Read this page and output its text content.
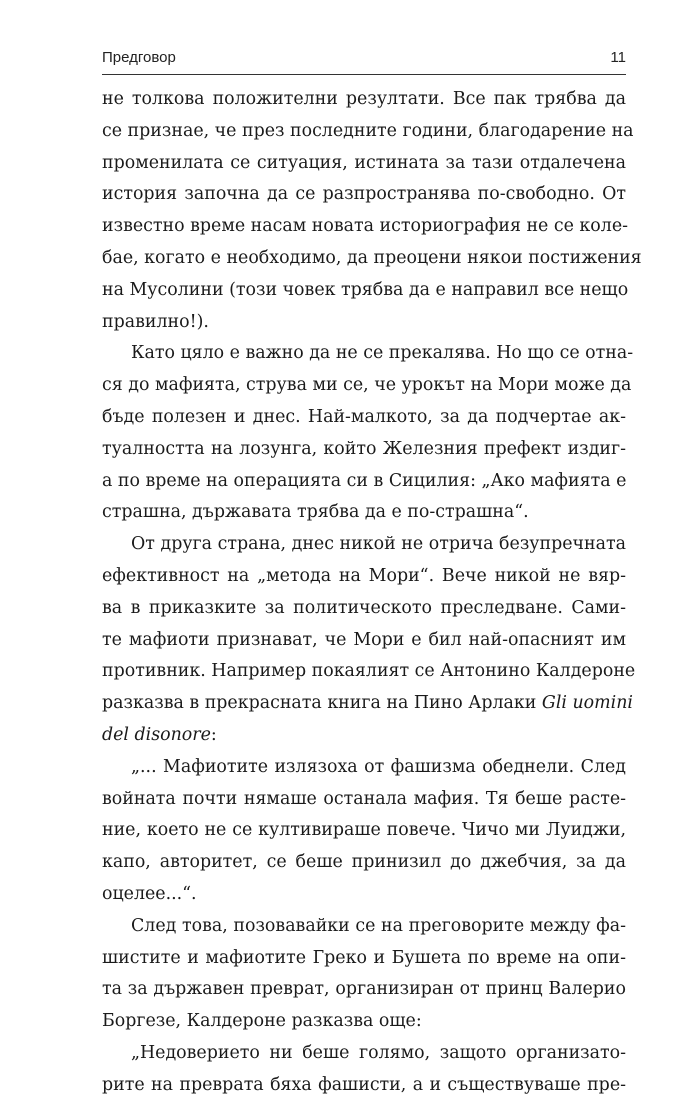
Предговор	11
не толкова положителни резултати. Все пак трябва да
се признае, че през последните години, благодарение на
променилата се ситуация, истината за тази отдалечена
история започна да се разпространява по-свободно. От
известно време насам новата историография не се коле-
бае, когато е необходимо, да преоцени някои постижения
на Мусолини (този човек трябва да е направил все нещо
правилно!).
Като цяло е важно да не се прекалява. Но що се отна-
ся до мафията, струва ми се, че урокът на Мори може да
бъде полезен и днес. Най-малкото, за да подчертае ак-
туалността на лозунга, който Железния префект издиг-
а по време на операцията си в Сицилия: „Ако мафията е
страшна, държавата трябва да е по-страшна“.
От друга страна, днес никой не отрича безупречната
ефективност на „метода на Мори“. Вече никой не вяр-
ва в приказките за политическото преследване. Сами-
те мафиоти признават, че Мори е бил най-опасният им
противник. Например покаялият се Антонино Калдероне
разказва в прекрасната книга на Пино Арлаки Gli uomini
del disonore:
„... Мафиотите излязоха от фашизма обеднели. След
войната почти нямаше останала мафия. Тя беше расте-
ние, което не се култивираше повече. Чичо ми Луиджи,
капо, авторитет, се беше принизил до джебчия, за да
оцелее...“.
След това, позовавайки се на преговорите между фа-
шистите и мафиотите Греко и Бушета по време на опи-
та за държавен преврат, организиран от принц Валерио
Боргезе, Калдероне разказва още:
„Недоверието ни беше голямо, защото организато-
рите на преврата бяха фашисти, а и съществуваше пре-
